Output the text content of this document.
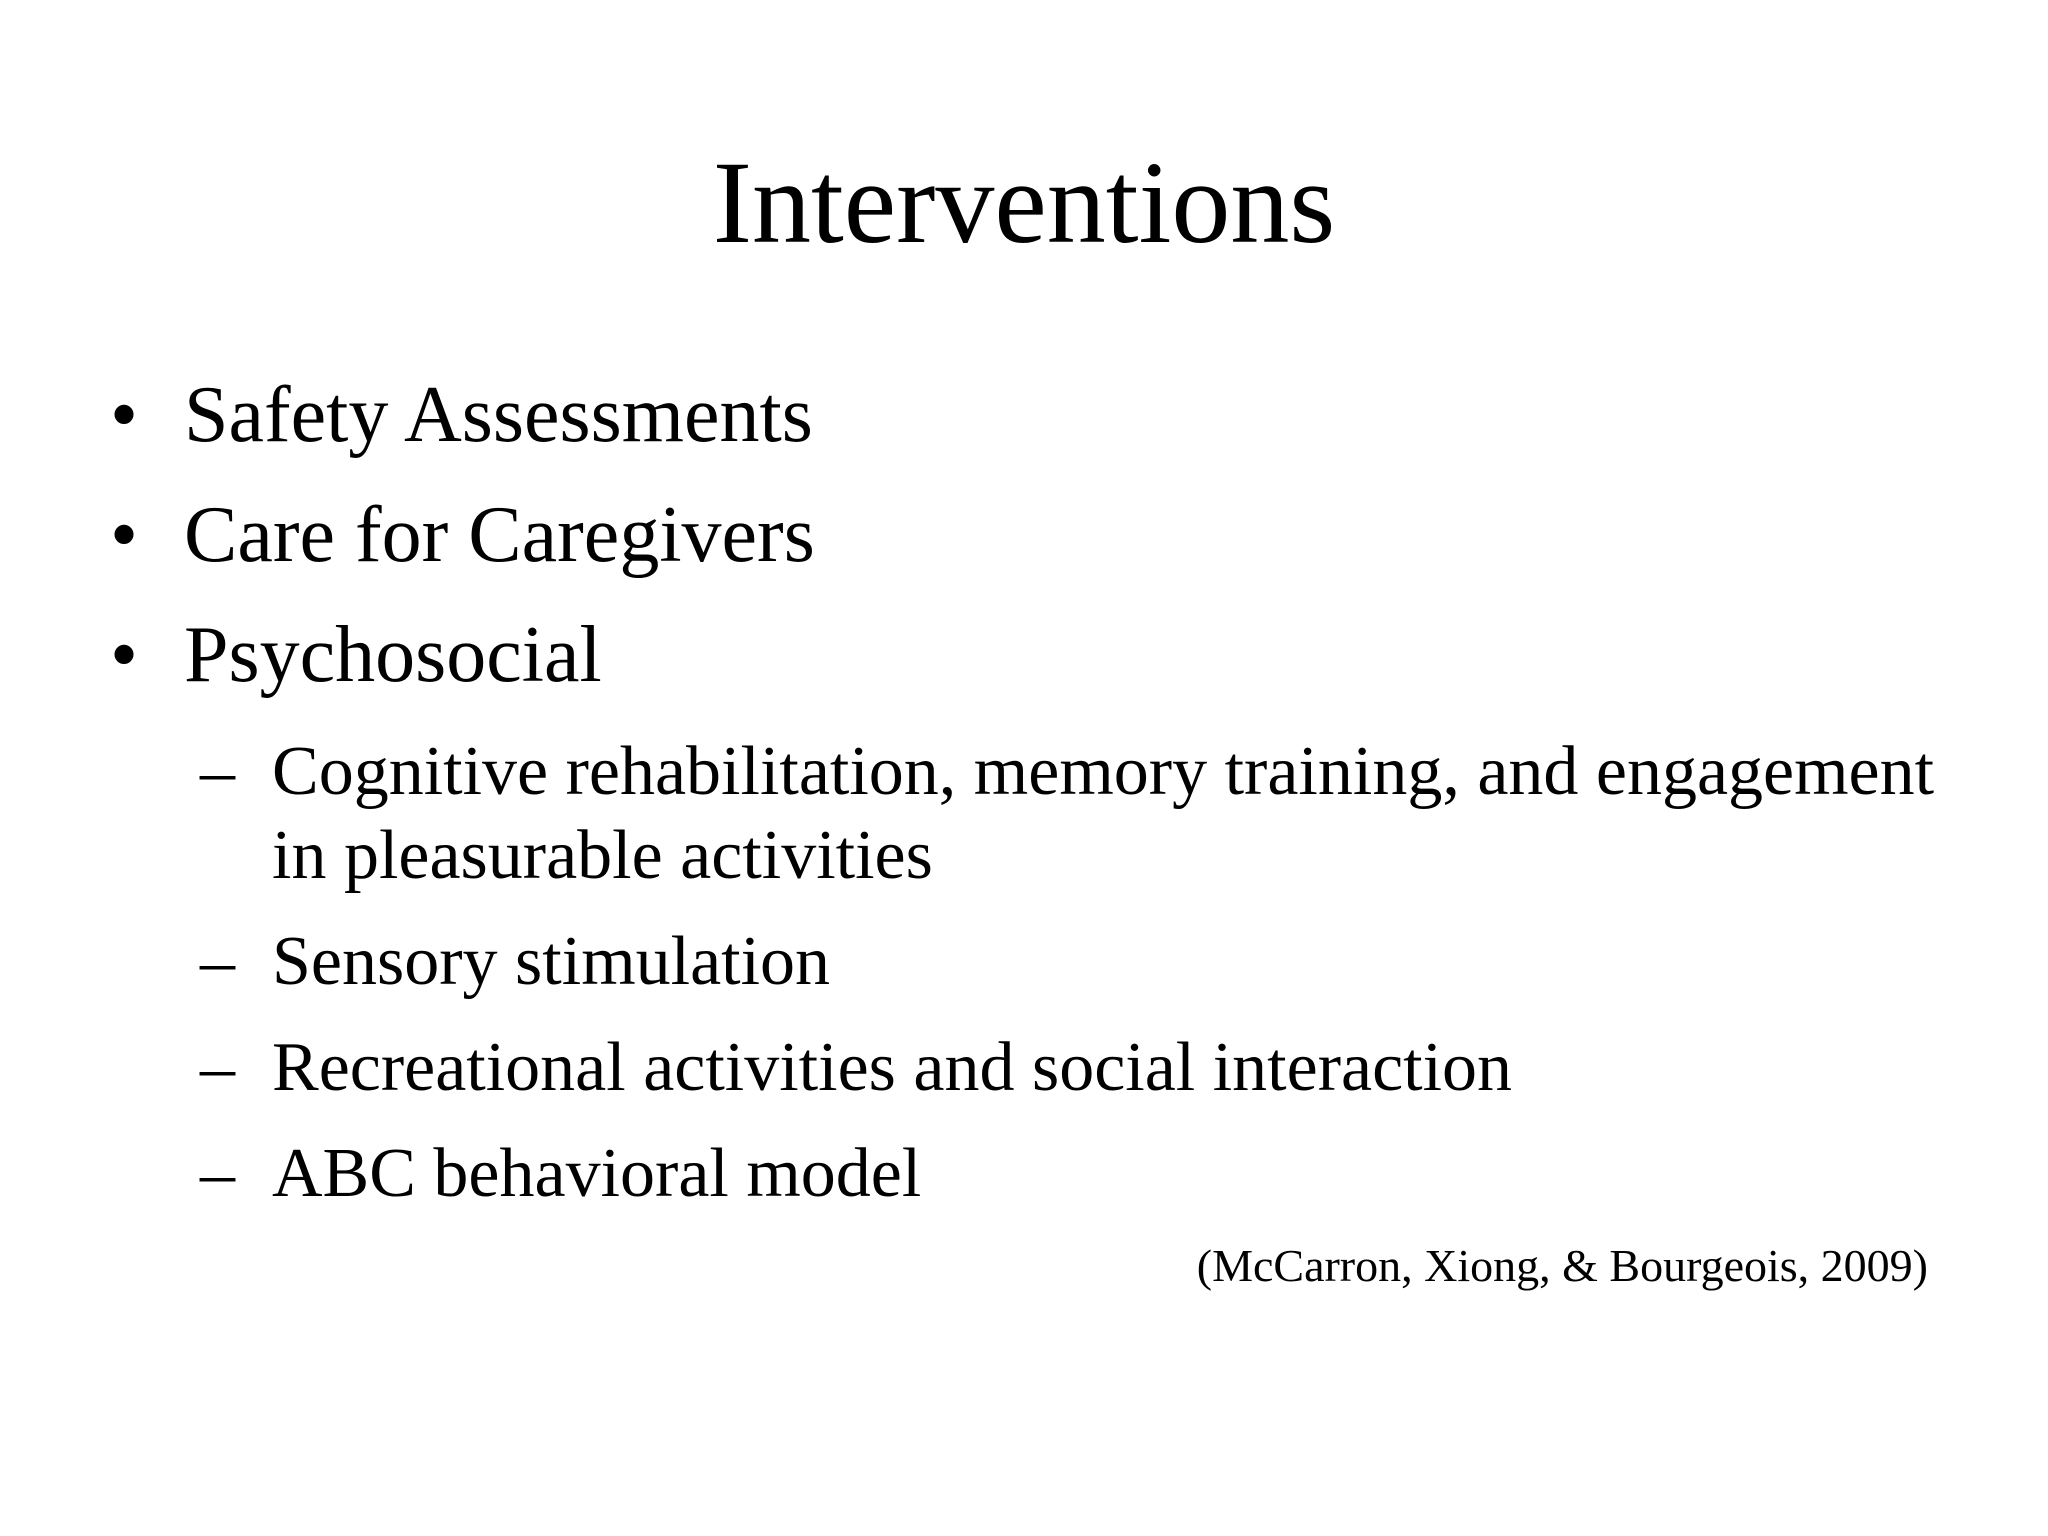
Interventions
• Safety Assessments
• Care for Caregivers
• Psychosocial
– Cognitive rehabilitation, memory training, and engagement in pleasurable activities
– Sensory stimulation
– Recreational activities and social interaction
– ABC behavioral model
(McCarron, Xiong, & Bourgeois, 2009)
